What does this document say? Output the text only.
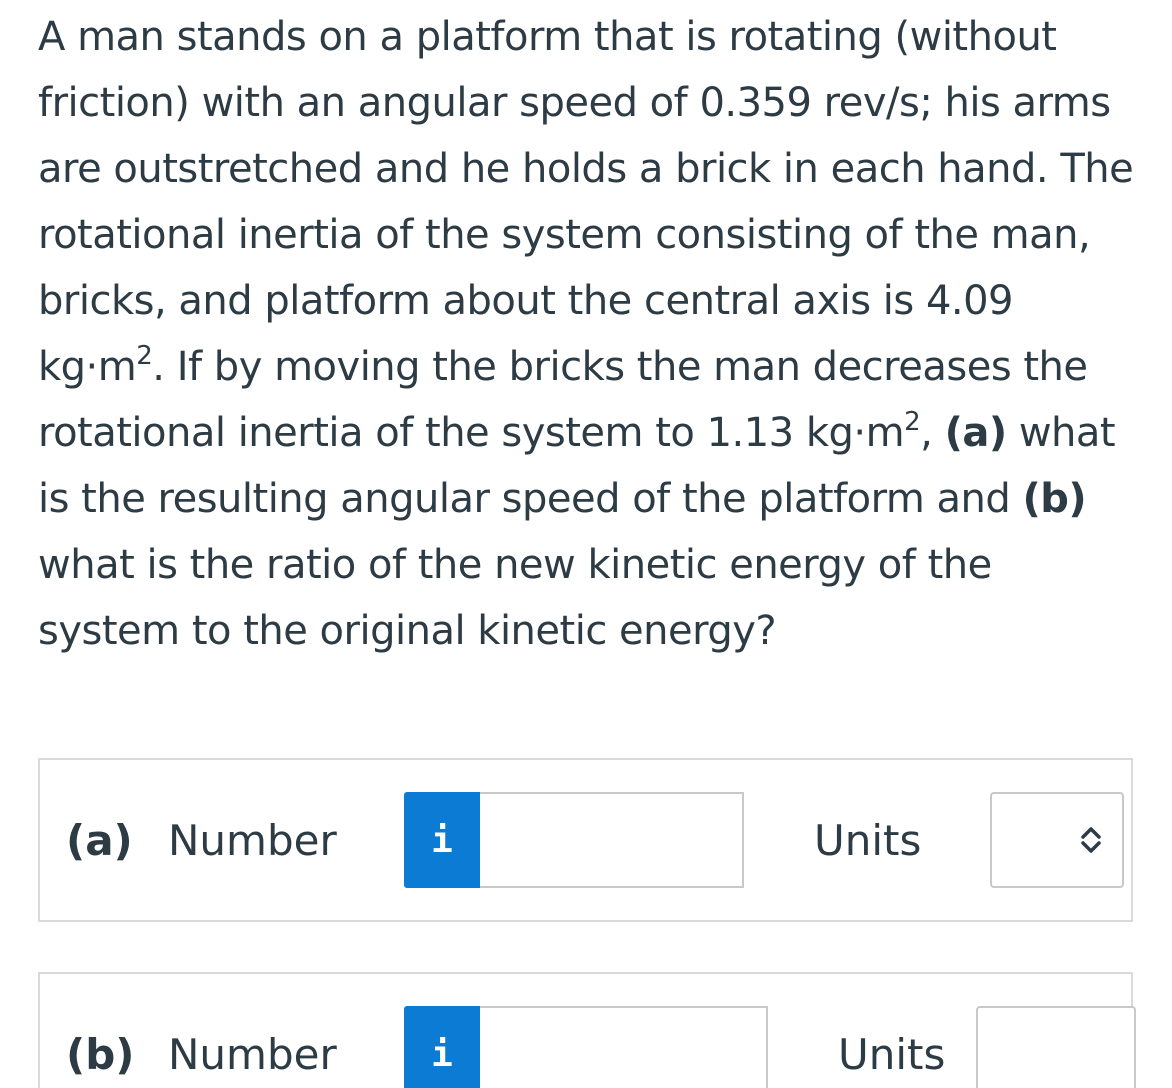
A man stands on a platform that is rotating (without friction) with an angular speed of 0.359 rev/s; his arms are outstretched and he holds a brick in each hand. The rotational inertia of the system consisting of the man, bricks, and platform about the central axis is 4.09 $kg\cdot m^2$. If by moving the bricks the man decreases the rotational inertia of the system to 1.13 $kg\cdot m^2$, (a) what is the resulting angular speed of the platform and (b) what is the ratio of the new kinetic energy of the system to the original kinetic energy?
(a) Number	i	Units
(b) Number	i	Units
